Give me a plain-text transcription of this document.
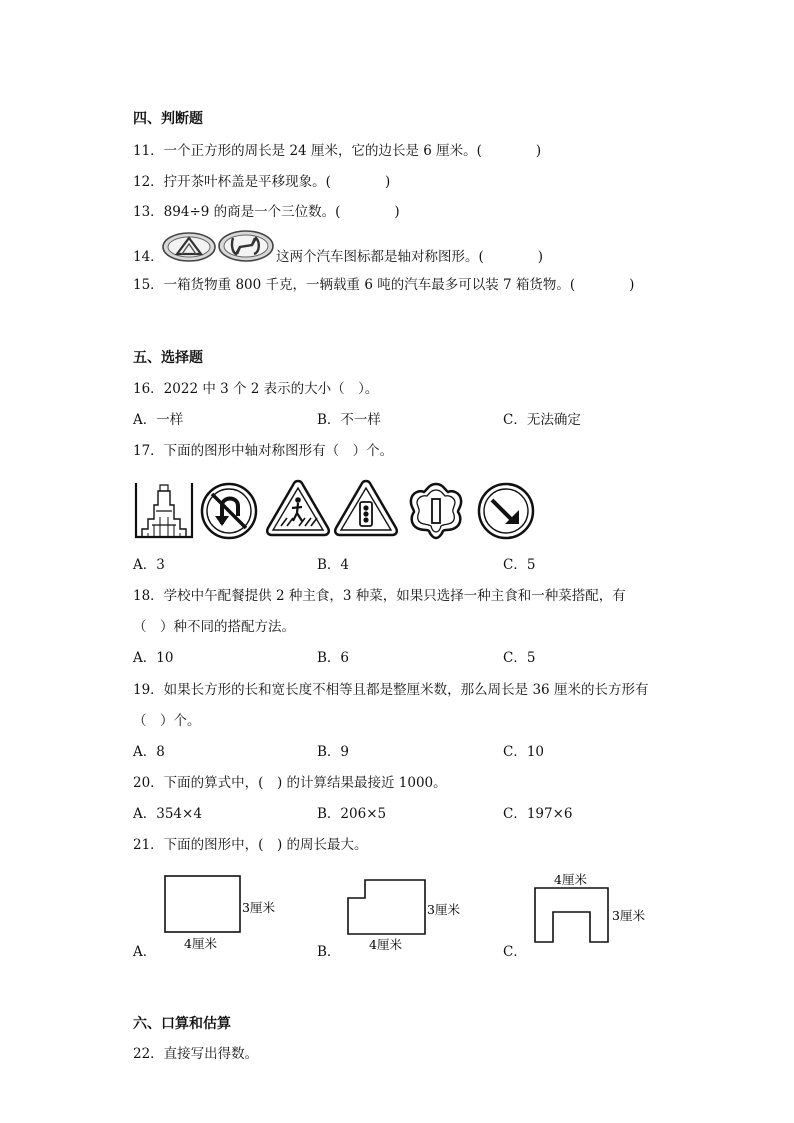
四、判断题
11．一个正方形的周长是 24 厘米，它的边长是 6 厘米。(　　　　)
12．拧开茶叶杯盖是平移现象。(　　　　)
13．894÷9 的商是一个三位数。(　　　　)
14．	这两个汽车图标都是轴对称图形。(　　　　)
15．一箱货物重 800 千克，一辆载重 6 吨的汽车最多可以装 7 箱货物。(　　　　)
五、选择题
16．2022 中 3 个 2 表示的大小（　）。
A．一样	B．不一样	C．无法确定
17．下面的图形中轴对称图形有（　）个。
A．3	B．4	C．5
18．学校中午配餐提供 2 种主食，3 种菜，如果只选择一种主食和一种菜搭配，有
（　）种不同的搭配方法。
A．10	B．6	C．5
19．如果长方形的长和宽长度不相等且都是整厘米数，那么周长是 36 厘米的长方形有
（　）个。
A．8	B．9	C．10
20．下面的算式中，(　) 的计算结果最接近 1000。
A．354×4	B．206×5	C．197×6
21．下面的图形中，(　) 的周长最大。
3厘米
4厘米
3厘米
4厘米
4厘米
3厘米
A．	B．	C．
六、口算和估算
22．直接写出得数。
